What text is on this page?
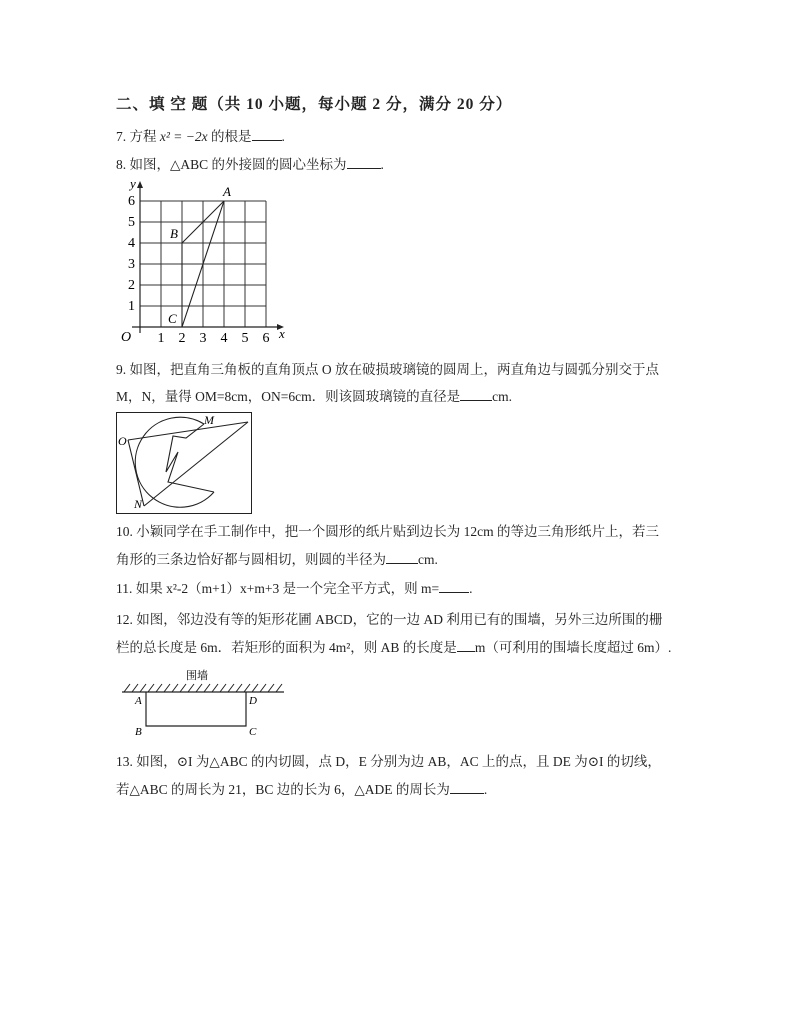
二、填 空 题（共 10 小题，每小题 2 分，满分 20 分）
7. 方程 x² = −2x 的根是 .
8. 如图，△ABC 的外接圆的圆心坐标为	.
y
x
O
1
2
3
4
5
6
1 2 3 4 5 6
A
B
C
9. 如图，把直角三角板的直角顶点 O 放在破损玻璃镜的圆周上，两直角边与圆弧分别交于点
M，N，量得 OM=8cm，ON=6cm．则该圆玻璃镜的直径是 cm.
O
M
N
10. 小颖同学在手工制作中，把一个圆形的纸片贴到边长为 12cm 的等边三角形纸片上，若三
角形的三条边恰好都与圆相切，则圆的半径为 cm.
11. 如果 x²-2（m+1）x+m+3 是一个完全平方式，则 m= .
12. 如图，邻边没有等的矩形花圃 ABCD，它的一边 AD 利用已有的围墙，另外三边所围的栅
栏的总长度是 6m．若矩形的面积为 4m²，则 AB 的长度是 m（可利用的围墙长度超过 6m）.
围墙
A
B	C
D
13. 如图，⊙I 为△ABC 的内切圆，点 D，E 分别为边 AB，AC 上的点，且 DE 为⊙I 的切线，
若△ABC 的周长为 21，BC 边的长为 6，△ADE 的周长为	.
